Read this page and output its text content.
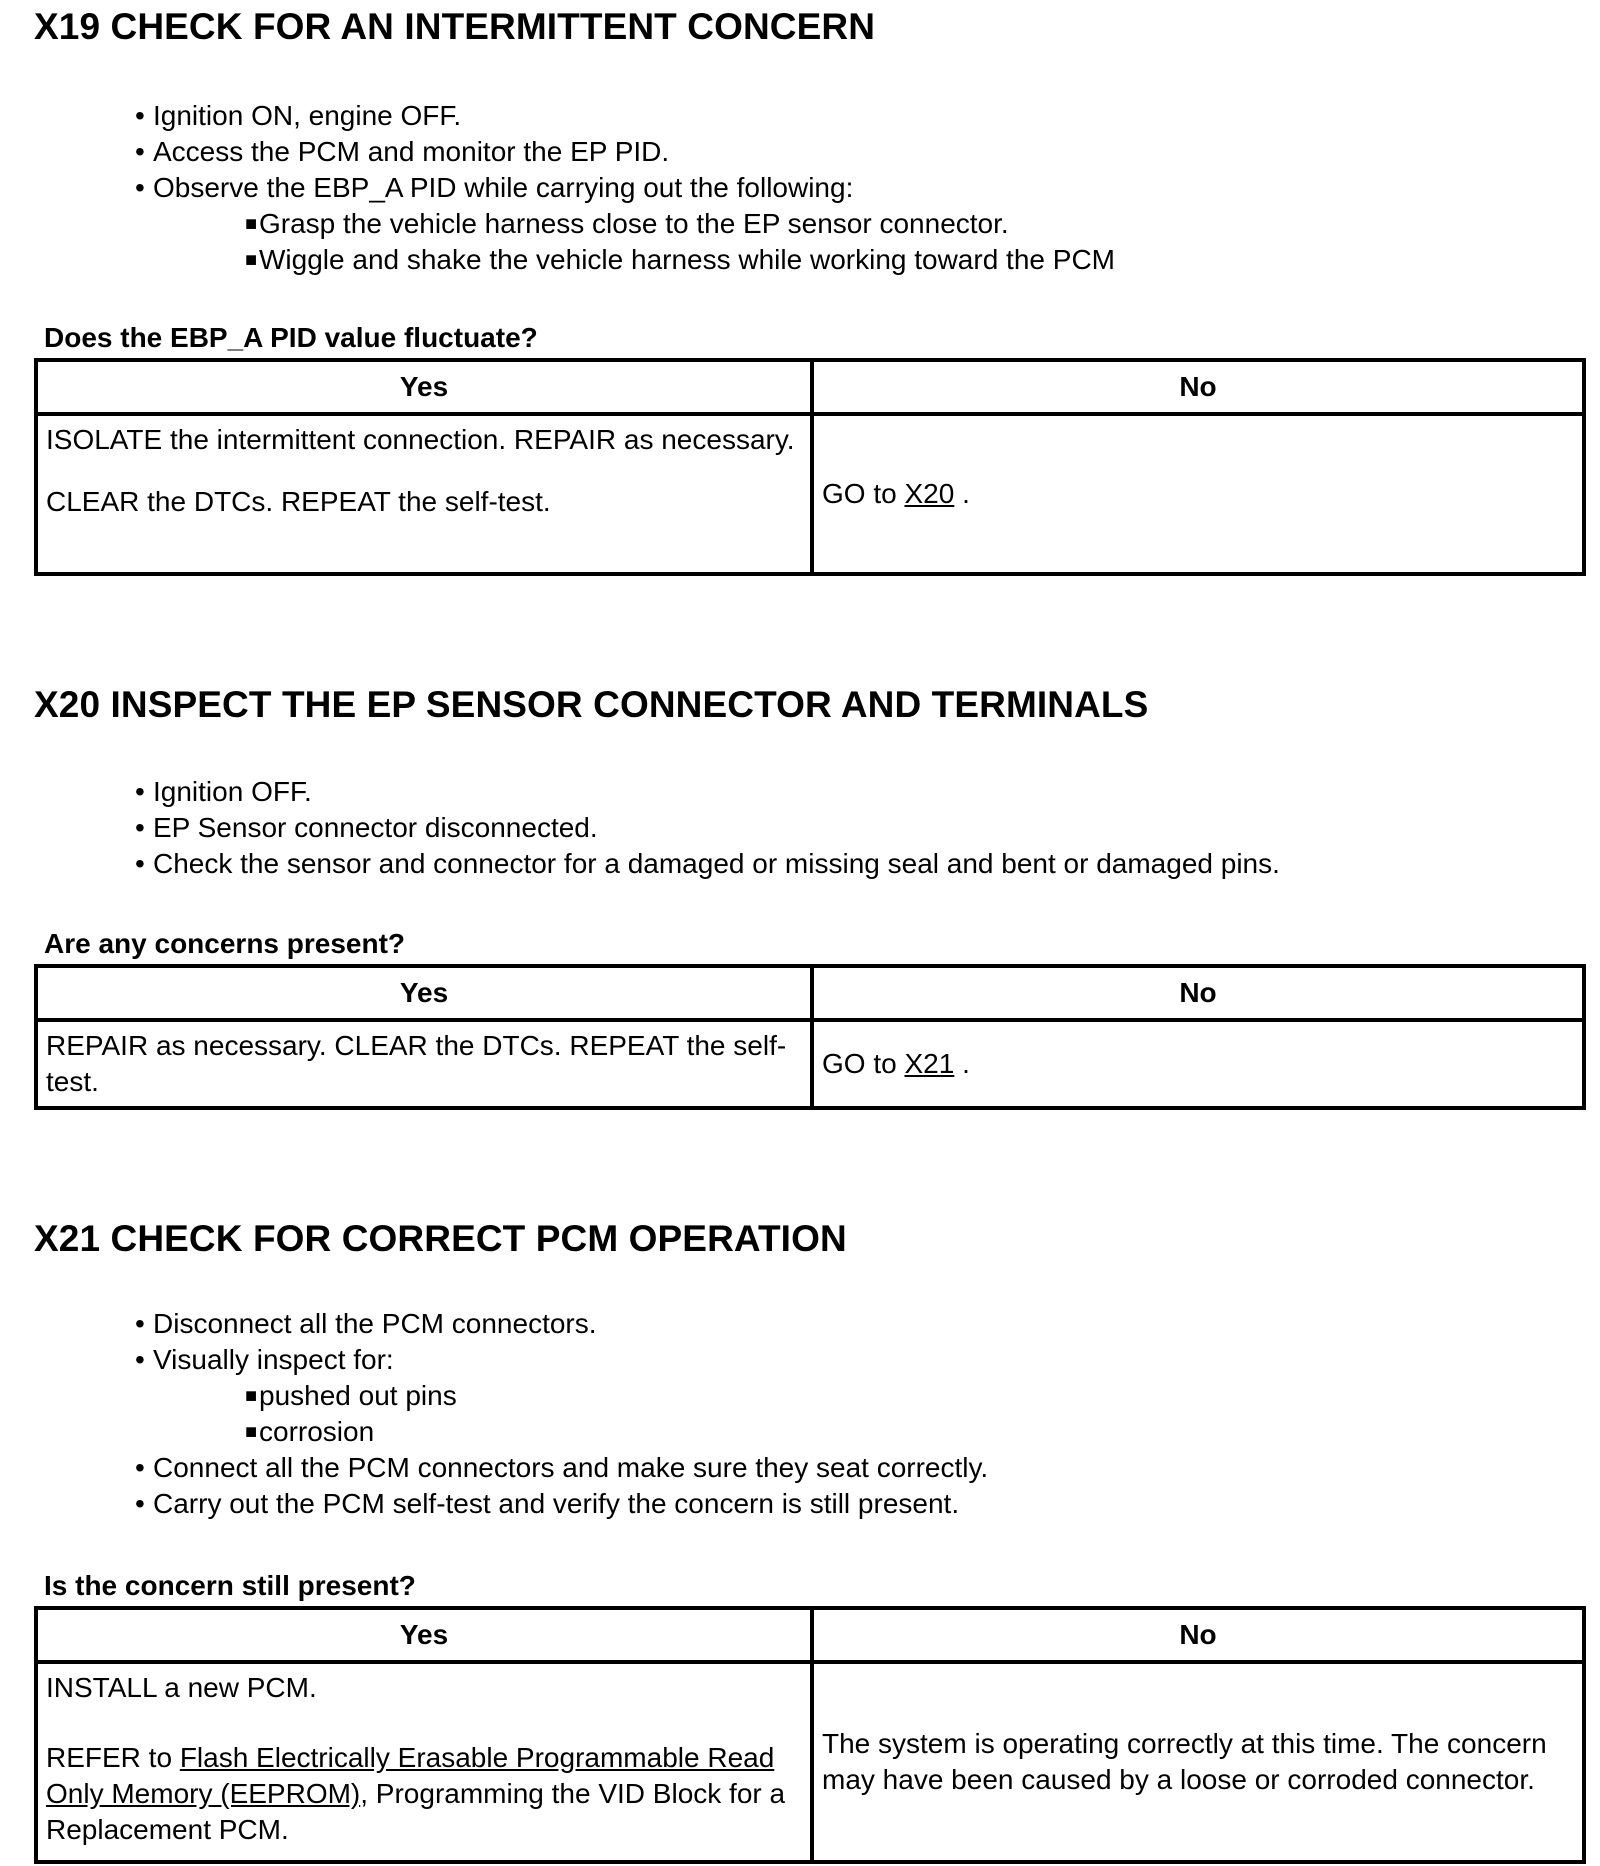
X19 CHECK FOR AN INTERMITTENT CONCERN
• Ignition ON, engine OFF.
• Access the PCM and monitor the EP PID.
• Observe the EBP_A PID while carrying out the following:
■Grasp the vehicle harness close to the EP sensor connector.
■Wiggle and shake the vehicle harness while working toward the PCM

Does the EBP_A PID value fluctuate?

Yes	No

ISOLATE the intermittent connection. REPAIR as necessary.

CLEAR the DTCs. REPEAT the self-test.	GO to X20 .
X20 INSPECT THE EP SENSOR CONNECTOR AND TERMINALS
• Ignition OFF.
• EP Sensor connector disconnected.
• Check the sensor and connector for a damaged or missing seal and bent or damaged pins.

Are any concerns present?

Yes	No

REPAIR as necessary. CLEAR the DTCs. REPEAT the self-test.	GO to X21 .
X21 CHECK FOR CORRECT PCM OPERATION
• Disconnect all the PCM connectors.
• Visually inspect for:
■pushed out pins
■corrosion
• Connect all the PCM connectors and make sure they seat correctly.
• Carry out the PCM self-test and verify the concern is still present.

Is the concern still present?

Yes	No

INSTALL a new PCM.

REFER to Flash Electrically Erasable Programmable Read Only Memory (EEPROM), Programming the VID Block for a Replacement PCM.	The system is operating correctly at this time. The concern may have been caused by a loose or corroded connector.
